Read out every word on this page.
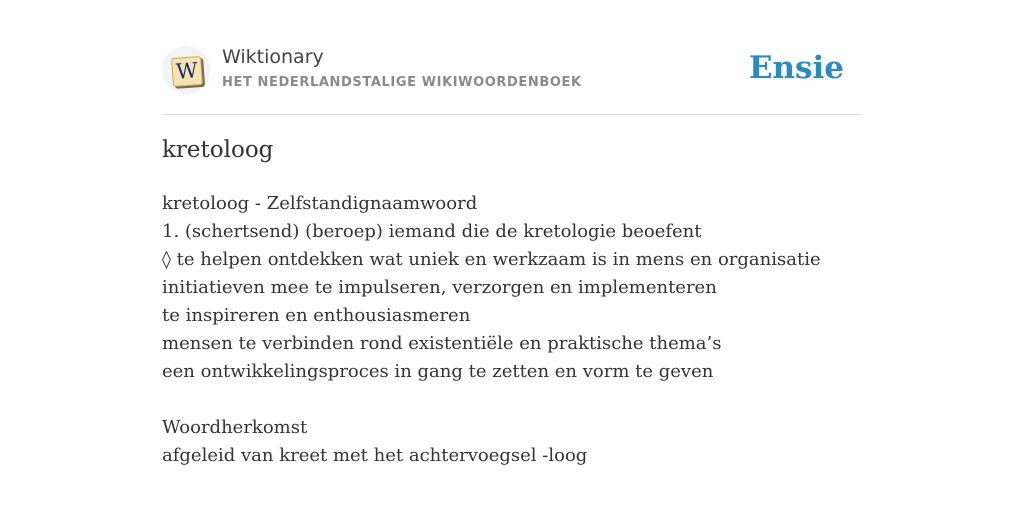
W
Wiktionary
HET NEDERLANDSTALIGE WIKIWOORDENBOEK	Ensie
kretoloog
kretoloog - Zelfstandignaamwoord
1. (schertsend) (beroep) iemand die de kretologie beoefent
◊ te helpen ontdekken wat uniek en werkzaam is in mens en organisatie
initiatieven mee te impulseren, verzorgen en implementeren
te inspireren en enthousiasmeren
mensen te verbinden rond existentiële en praktische thema’s
een ontwikkelingsproces in gang te zetten en vorm te geven
Woordherkomst
afgeleid van kreet met het achtervoegsel -loog
